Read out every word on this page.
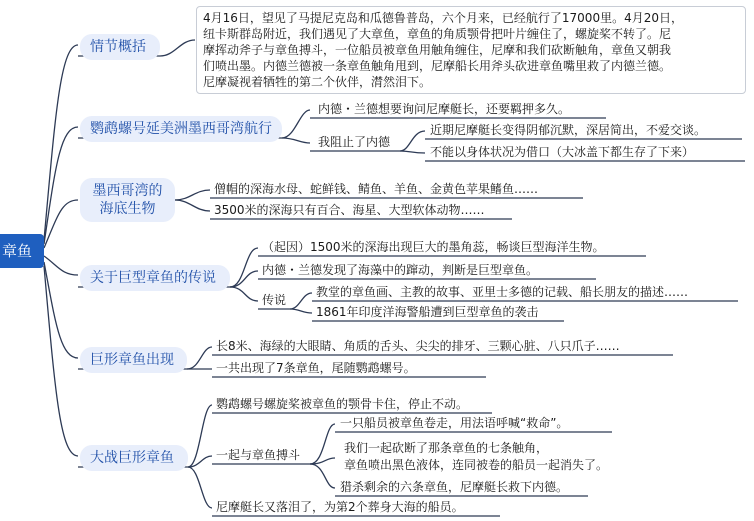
章鱼
情节概括
4月16日，望见了马提尼克岛和瓜德鲁普岛，六个月来，已经航行了17000里。4月20日，
纽卡斯群岛附近，我们遇见了大章鱼，章鱼的角质颚骨把叶片缠住了，螺旋桨不转了。尼
摩挥动斧子与章鱼搏斗，一位船员被章鱼用触角缠住，尼摩和我们砍断触角，章鱼又朝我
们喷出墨。内德兰德被一条章鱼触角甩到，尼摩船长用斧头砍进章鱼嘴里救了内德兰德。
尼摩凝视着牺牲的第二个伙伴，潸然泪下。
鹦鹉螺号延美洲墨西哥湾航行
内德・兰德想要询问尼摩艇长，还要羁押多久。
我阻止了内德
近期尼摩艇长变得阴郁沉默，深居简出，不爱交谈。
不能以身体状况为借口（大冰盖下都生存了下来）
墨西哥湾的
海底生物
僧帽的深海水母、蛇鲜钱、鲭鱼、羊鱼、金黄色苹果鳍鱼……
3500米的深海只有百合、海星、大型软体动物……
关于巨型章鱼的传说
（起因）1500米的深海出现巨大的墨角蕊，畅谈巨型海洋生物。
内德・兰德发现了海藻中的蹿动，判断是巨型章鱼。
传说
教堂的章鱼画、主教的故事、亚里士多德的记载、船长朋友的描述……
1861年印度洋海警船遭到巨型章鱼的袭击
巨形章鱼出现
长8米、海绿的大眼睛、角质的舌头、尖尖的排牙、三颗心脏、八只爪子……
一共出现了7条章鱼，尾随鹦鹉螺号。
大战巨形章鱼
鹦鹉螺号螺旋桨被章鱼的颚骨卡住，停止不动。
一起与章鱼搏斗
一只船员被章鱼卷走，用法语呼喊“救命”。
我们一起砍断了那条章鱼的七条触角，
章鱼喷出黑色液体，连同被卷的船员一起消失了。
猎杀剩余的六条章鱼，尼摩艇长救下内德。
尼摩艇长又落泪了，为第2个葬身大海的船员。
